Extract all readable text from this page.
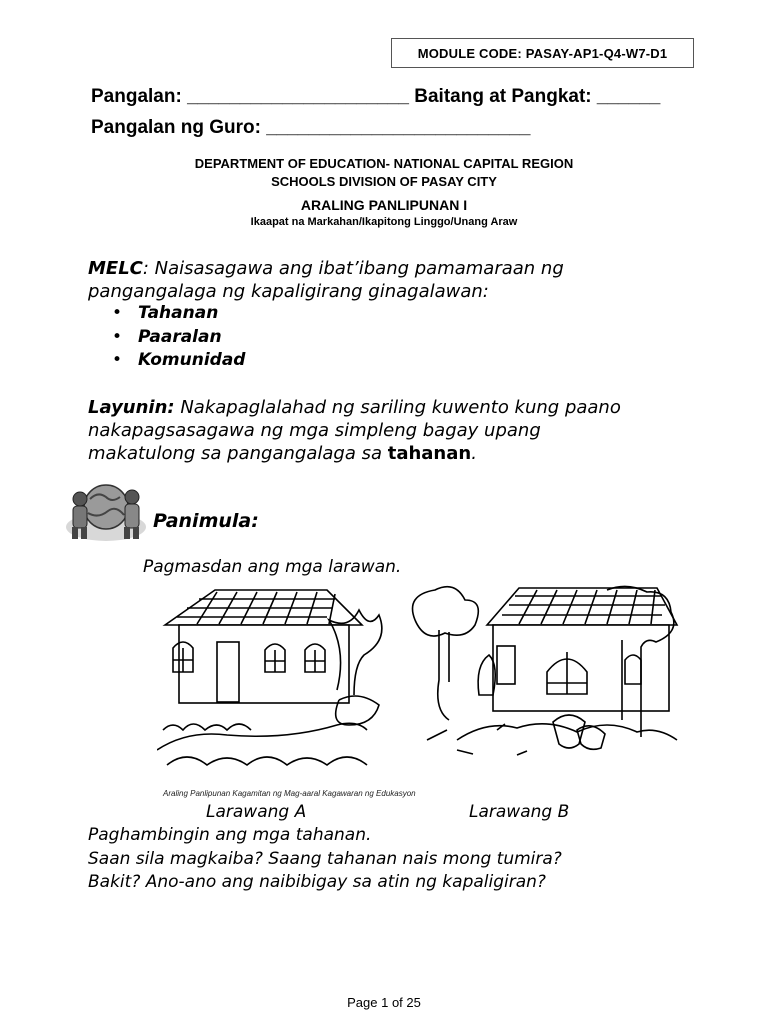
MODULE CODE: PASAY-AP1-Q4-W7-D1
Pangalan: _____________________ Baitang at Pangkat: ______
Pangalan ng Guro: _________________________
DEPARTMENT OF EDUCATION- NATIONAL CAPITAL REGION
SCHOOLS DIVISION OF PASAY CITY
ARALING PANLIPUNAN I
Ikaapat na Markahan/Ikapitong Linggo/Unang Araw
MELC: Naisasagawa ang ibat’ibang pamamaraan ng
pangangalaga ng kapaligirang ginagalawan:
• Tahanan
• Paaralan
• Komunidad
Layunin: Nakapaglalahad ng sariling kuwento kung paano
nakapagsasagawa ng mga simpleng bagay upang
makatulong sa pangangalaga sa tahanan.
Panimula:
Pagmasdan ang mga larawan.
Araling Panlipunan Kagamitan ng Mag-aaral Kagawaran ng Edukasyon
Larawang A	Larawang B
Paghambingin ang mga tahanan.
Saan sila magkaiba? Saang tahanan nais mong tumira?
Bakit? Ano-ano ang naibibigay sa atin ng kapaligiran?
Page 1 of 25
